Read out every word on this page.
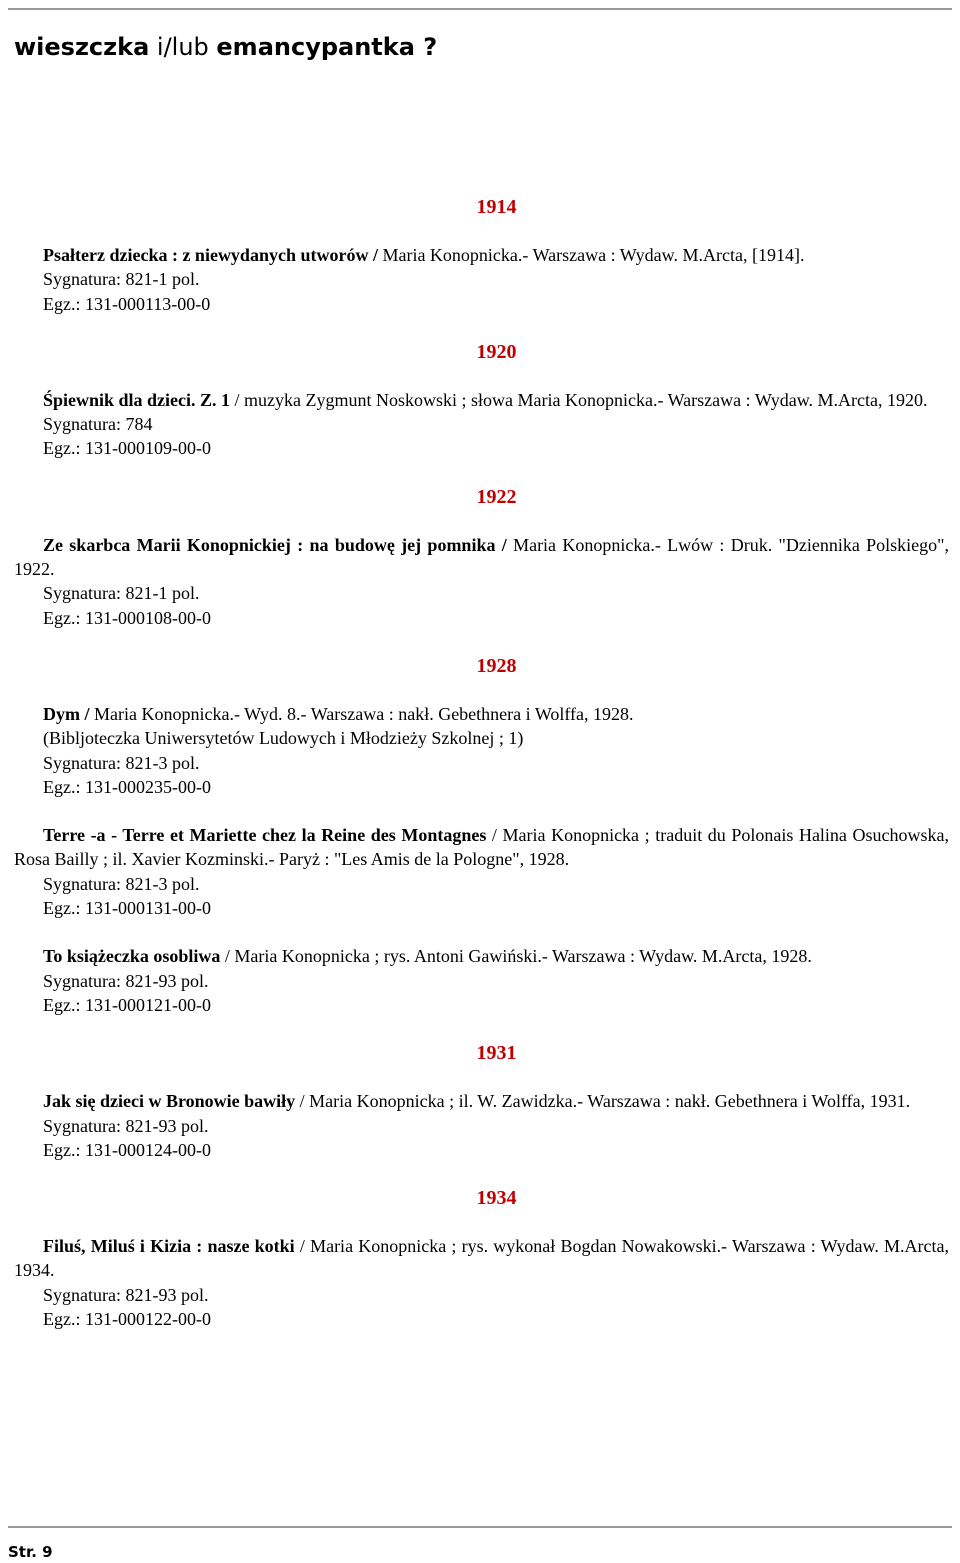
wieszczka i/lub emancypantka ?
1914
Psałterz dziecka : z niewydanych utworów / Maria Konopnicka.- Warszawa : Wydaw. M.Arcta, [1914].
Sygnatura: 821-1 pol.
Egz.: 131-000113-00-0
1920
Śpiewnik dla dzieci. Z. 1 / muzyka Zygmunt Noskowski ; słowa Maria Konopnicka.- Warszawa : Wydaw. M.Arcta, 1920.
Sygnatura: 784
Egz.: 131-000109-00-0
1922
Ze skarbca Marii Konopnickiej : na budowę jej pomnika / Maria Konopnicka.- Lwów : Druk. "Dziennika Polskiego", 1922.
Sygnatura: 821-1 pol.
Egz.: 131-000108-00-0
1928
Dym / Maria Konopnicka.- Wyd. 8.- Warszawa : nakł. Gebethnera i Wolffa, 1928.
(Bibljoteczka Uniwersytetów Ludowych i Młodzieży Szkolnej ; 1)
Sygnatura: 821-3 pol.
Egz.: 131-000235-00-0
Terre -a - Terre et Mariette chez la Reine des Montagnes / Maria Konopnicka ; traduit du Polonais Halina Osuchowska, Rosa Bailly ; il. Xavier Kozminski.- Paryż : "Les Amis de la Pologne", 1928.
Sygnatura: 821-3 pol.
Egz.: 131-000131-00-0
To książeczka osobliwa / Maria Konopnicka ; rys. Antoni Gawiński.- Warszawa : Wydaw. M.Arcta, 1928.
Sygnatura: 821-93 pol.
Egz.: 131-000121-00-0
1931
Jak się dzieci w Bronowie bawiły / Maria Konopnicka ; il. W. Zawidzka.- Warszawa : nakł. Gebethnera i Wolffa, 1931.
Sygnatura: 821-93 pol.
Egz.: 131-000124-00-0
1934
Filuś, Miluś i Kizia : nasze kotki / Maria Konopnicka ; rys. wykonał Bogdan Nowakowski.- Warszawa : Wydaw. M.Arcta, 1934.
Sygnatura: 821-93 pol.
Egz.: 131-000122-00-0
Str. 9
